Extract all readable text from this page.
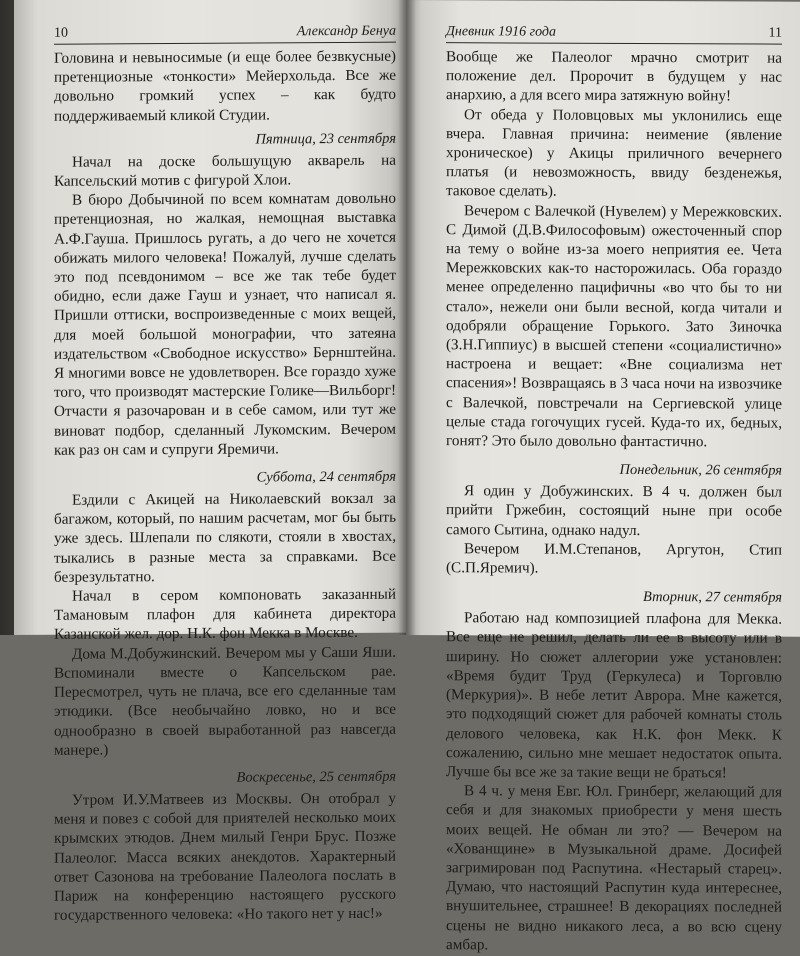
10	Александр Бенуа

Головина и невыносимые (и еще более безвкусные) претенциозные «тонкости» Мейерхольда. Все же довольно громкий успех – как будто поддерживаемый кликой Студии.

Пятница, 23 сентября

Начал на доске большущую акварель на Капсельский мотив с фигурой Хлои.

В бюро Добычиной по всем комнатам довольно претенциозная, но жалкая, немощная выставка А.Ф.Гауша. Пришлось ругать, а до чего не хочется обижать милого человека! Пожалуй, лучше сделать это под псевдонимом – все же так тебе будет обидно, если даже Гауш и узнает, что написал я. Пришли оттиски, воспроизведенные с моих вещей, для моей большой монографии, что затеяна издательством «Свободное искусство» Бернштейна. Я многими вовсе не удовлетворен. Все гораздо хуже того, что производят мастерские Голике—Вильборг! Отчасти я разочарован и в себе самом, или тут же виноват подбор, сделанный Лукомским. Вечером как раз он сам и супруги Яремичи.

Суббота, 24 сентября

Ездили с Акицей на Николаевский вокзал за багажом, который, по нашим расчетам, мог бы быть уже здесь. Шлепали по слякоти, стояли в хвостах, тыкались в разные места за справками. Все безрезультатно.

Начал в сером компоновать заказанный Тамановым плафон для кабинета директора Казанской жел. дор. Н.К. фон Мекка в Москве.

Дома М.Добужинский. Вечером мы у Саши Яши. Вспоминали вместе о Капсельском рае. Пересмотрел, чуть не плача, все его сделанные там этюдики. (Все необычайно ловко, но и все однообразно в своей выработанной раз навсегда манере.)

Воскресенье, 25 сентября

Утром И.У.Матвеев из Москвы. Он отобрал у меня и повез с собой для приятелей несколько моих крымских этюдов. Днем милый Генри Брус. Позже Палеолог. Масса всяких анекдотов. Характерный ответ Сазонова на требование Палеолога послать в Париж на конференцию настоящего русского государственного человека: «Но такого нет у нас!»

Дневник 1916 года	11

Вообще же Палеолог мрачно смотрит на положение дел. Пророчит в будущем у нас анархию, а для всего мира затяжную войну!

От обеда у Половцовых мы уклонились еще вчера. Главная причина: неимение (явление хроническое) у Акицы приличного вечернего платья (и невозможность, ввиду безденежья, таковое сделать).

Вечером с Валечкой (Нувелем) у Мережковских. С Димой (Д.В.Философовым) ожесточенный спор на тему о войне из-за моего неприятия ее. Чета Мережковских как-то насторожилась. Оба гораздо менее определенно пацифичны «во что бы то ни стало», нежели они были весной, когда читали и одобряли обращение Горького. Зато Зиночка (З.Н.Гиппиус) в высшей степени «социалистично» настроена и вещает: «Вне социализма нет спасения»! Возвращаясь в 3 часа ночи на извозчике с Валечкой, повстречали на Сергиевской улице целые стада гогочущих гусей. Куда-то их, бедных, гонят? Это было довольно фантастично.

Понедельник, 26 сентября

Я один у Добужинских. В 4 ч. должен был прийти Гржебин, состоящий ныне при особе самого Сытина, однако надул.

Вечером И.М.Степанов, Аргутон, Стип (С.П.Яремич).

Вторник, 27 сентября

Работаю над композицией плафона для Мекка. Все еще не решил, делать ли ее в высоту или в ширину. Но сюжет аллегории уже установлен: «Время будит Труд (Геркулеса) и Торговлю (Меркурия)». В небе летит Аврора. Мне кажется, это подходящий сюжет для рабочей комнаты столь делового человека, как Н.К. фон Мекк. К сожалению, сильно мне мешает недостаток опыта. Лучше бы все же за такие вещи не браться!

В 4 ч. у меня Евг. Юл. Гринберг, желающий для себя и для знакомых приобрести у меня шесть моих вещей. Не обман ли это? — Вечером на «Хованщине» в Музыкальной драме. Досифей загримирован под Распутина. «Нестарый старец». Думаю, что настоящий Распутин куда интереснее, внушительнее, страшнее! В декорациях последней сцены не видно никакого леса, а во всю сцену амбар.
